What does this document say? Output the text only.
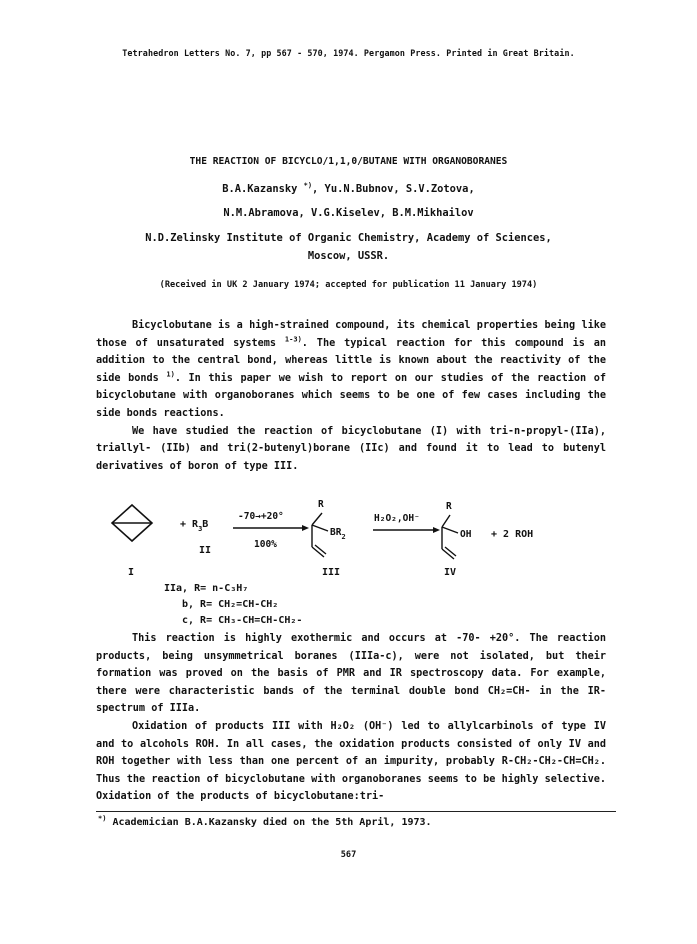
Tetrahedron Letters No. 7, pp 567 - 570, 1974. Pergamon Press. Printed in Great Britain.
THE REACTION OF BICYCLO/1,1,0/BUTANE WITH ORGANOBORANES
B.A.Kazansky *), Yu.N.Bubnov, S.V.Zotova,
N.M.Abramova, V.G.Kiselev, B.M.Mikhailov
N.D.Zelinsky Institute of Organic Chemistry, Academy of Sciences,
Moscow, USSR.
(Received in UK 2 January 1974; accepted for publication 11 January 1974)

Bicyclobutane is a high-strained compound, its chemical properties being like those of unsaturated systems $^{1-3)}$. The typical reaction for this compound is an addition to the central bond, whereas little is known about the reactivity of the side bonds $^{1)}$. In this paper we wish to report on our studies of the reaction of bicyclobutane with organoboranes which seems to be one of few cases including the side bonds reactions.

We have studied the reaction of bicyclobutane (I) with tri-n-propyl-(IIa), triallyl- (IIb) and tri(2-butenyl)borane (IIc) and found it to lead to butenyl derivatives of boron of type III.

I
+ $R_3B$
II
-70→+20°
100%
R
$BR_2$
III
H₂O₂,OH⁻
R
OH
IV
+ 2 ROH
IIa, R= n-C₃H₇
b, R= CH₂=CH-CH₂
c, R= CH₃-CH=CH-CH₂-

This reaction is highly exothermic and occurs at -70- +20°. The reaction products, being unsymmetrical boranes (IIIa-c), were not isolated, but their formation was proved on the basis of PMR and IR spectroscopy data. For example, there were characteristic bands of the terminal double bond CH₂=CH- in the IR-spectrum of IIIa.

Oxidation of products III with H₂O₂ (OH⁻) led to allylcarbinols of type IV and to alcohols ROH. In all cases, the oxidation products consisted of only IV and ROH together with less than one percent of an impurity, probably R-CH₂-CH₂-CH=CH₂. Thus the reaction of bicyclobutane with organoboranes seems to be highly selective. Oxidation of the products of bicyclobutane:tri-

*) Academician B.A.Kazansky died on the 5th April, 1973.
567
